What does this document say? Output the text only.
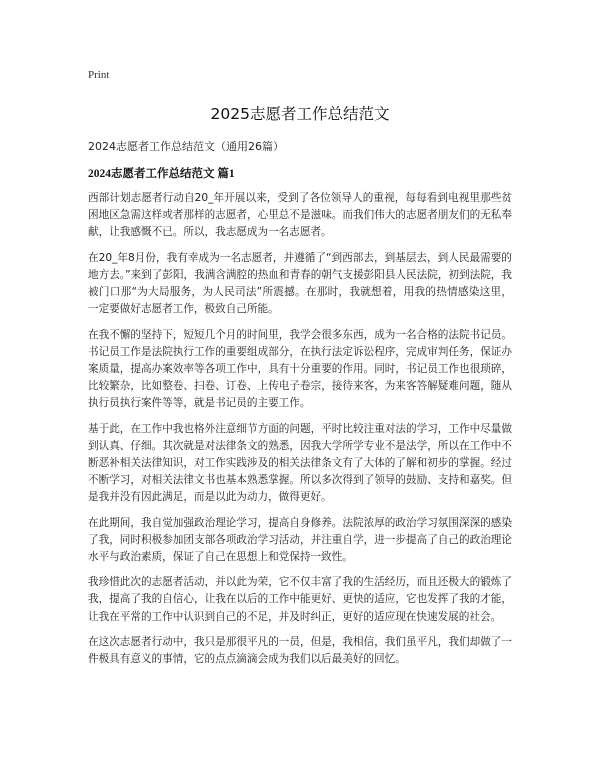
Print

2025志愿者工作总结范文

2024志愿者工作总结范文（通用26篇）

2024志愿者工作总结范文 篇1

西部计划志愿者行动自20_年开展以来，受到了各位领导人的重视，每每看到电视里那些贫困地区急需这样或者那样的志愿者，心里总不是滋味。而我们伟大的志愿者朋友们的无私奉献，让我感慨不已。所以，我志愿成为一名志愿者。

在20_年8月份，我有幸成为一名志愿者，并遵循了“到西部去，到基层去，到人民最需要的地方去。”来到了彭阳，我满含满腔的热血和青春的朝气支援彭阳县人民法院，初到法院，我被门口那“为大局服务，为人民司法”所震撼。在那时，我就想着，用我的热情感染这里，一定要做好志愿者工作，极致自己所能。

在我不懈的坚持下，短短几个月的时间里，我学会很多东西，成为一名合格的法院书记员。书记员工作是法院执行工作的重要组成部分，在执行法定诉讼程序，完成审判任务，保证办案质量，提高办案效率等各项工作中，具有十分重要的作用。同时，书记员工作也很琐碎，比较繁杂，比如整卷、扫卷、订卷、上传电子卷宗，接待来客，为来客答解疑难问题，随从执行员执行案件等等，就是书记员的主要工作。

基于此，在工作中我也格外注意细节方面的问题，平时比较注重对法的学习，工作中尽量做到认真、仔细。其次就是对法律条文的熟悉，因我大学所学专业不是法学，所以在工作中不断恶补相关法律知识，对工作实践涉及的相关法律条文有了大体的了解和初步的掌握。经过不断学习，对相关法律文书也基本熟悉掌握。所以多次得到了领导的鼓励、支持和嘉奖。但是我并没有因此满足，而是以此为动力，做得更好。

在此期间，我自觉加强政治理论学习，提高自身修养。法院浓厚的政治学习氛围深深的感染了我，同时积极参加团支部各项政治学习活动，并注重自学，进一步提高了自己的政治理论水平与政治素质，保证了自己在思想上和党保持一致性。

我珍惜此次的志愿者活动，并以此为荣，它不仅丰富了我的生活经历，而且还极大的锻炼了我，提高了我的自信心，让我在以后的工作中能更好、更快的适应，它也发挥了我的才能，让我在平常的工作中认识到自己的不足，并及时纠正，更好的适应现在快速发展的社会。

在这次志愿者行动中，我只是那很平凡的一员，但是，我相信，我们虽平凡，我们却做了一件极具有意义的事情，它的点点滴滴会成为我们以后最美好的回忆。
